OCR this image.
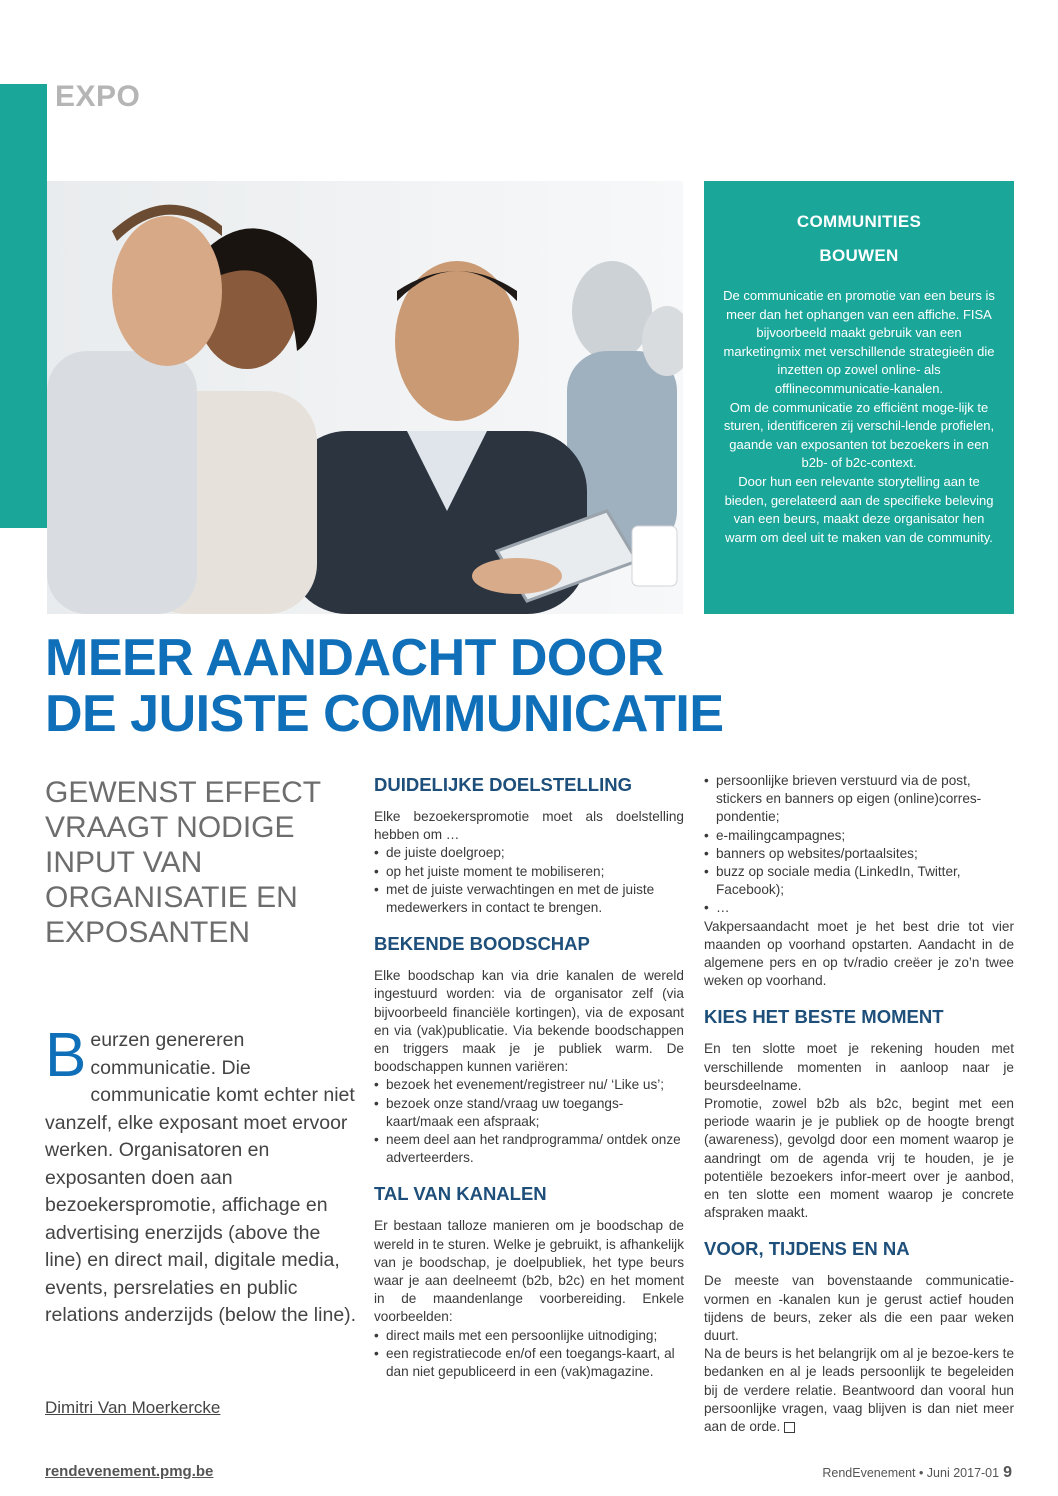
EXPO
COMMUNITIES
BOUWEN

De communicatie en promotie van een beurs is meer dan het ophangen van een affiche. FISA bijvoorbeeld maakt gebruik van een marketingmix met verschillende strategieën die inzetten op zowel online- als offlinecommunicatie-kanalen.

Om de communicatie zo efficiënt moge-lijk te sturen, identificeren zij verschil-lende profielen, gaande van exposanten tot bezoekers in een b2b- of b2c-context.

Door hun een relevante storytelling aan te bieden, gerelateerd aan de specifieke beleving van een beurs, maakt deze organisator hen warm om deel uit te maken van de community.

MEER AANDACHT DOOR
DE JUISTE COMMUNICATIE
GEWENST EFFECT
VRAAGT NODIGE
INPUT VAN
ORGANISATIE EN
EXPOSANTEN
Beurzen genereren communicatie. Die communicatie komt echter niet vanzelf, elke exposant moet ervoor werken. Organisatoren en exposanten doen aan bezoekerspromotie, affichage en advertising enerzijds (above the line) en direct mail, digitale media, events, persrelaties en public relations anderzijds (below the line).
Dimitri Van Moerkercke
DUIDELIJKE DOELSTELLING

Elke bezoekerspromotie moet als doelstelling hebben om …

• de juiste doelgroep;
• op het juiste moment te mobiliseren;
• met de juiste verwachtingen en met de juiste medewerkers in contact te brengen.
BEKENDE BOODSCHAP

Elke boodschap kan via drie kanalen de wereld ingestuurd worden: via de organisator zelf (via bijvoorbeeld financiële kortingen), via de exposant en via (vak)publicatie. Via bekende boodschappen en triggers maak je je publiek warm. De boodschappen kunnen variëren:

• bezoek het evenement/registreer nu/ ‘Like us’;
• bezoek onze stand/vraag uw toegangs-kaart/maak een afspraak;
• neem deel aan het randprogramma/ ontdek onze adverteerders.
TAL VAN KANALEN

Er bestaan talloze manieren om je boodschap de wereld in te sturen. Welke je gebruikt, is afhankelijk van je boodschap, je doelpubliek, het type beurs waar je aan deelneemt (b2b, b2c) en het moment in de maandenlange voorbereiding. Enkele voorbeelden:

• direct mails met een persoonlijke uitnodiging;
• een registratiecode en/of een toegangs-kaart, al dan niet gepubliceerd in een (vak)magazine.
• persoonlijke brieven verstuurd via de post, stickers en banners op eigen (online)corres-pondentie;
• e-mailingcampagnes;
• banners op websites/portaalsites;
• buzz op sociale media (LinkedIn, Twitter, Facebook);
• …

Vakpersaandacht moet je het best drie tot vier maanden op voorhand opstarten. Aandacht in de algemene pers en op tv/radio creëer je zo’n twee weken op voorhand.

KIES HET BESTE MOMENT

En ten slotte moet je rekening houden met verschillende momenten in aanloop naar je beursdeelname.

Promotie, zowel b2b als b2c, begint met een periode waarin je je publiek op de hoogte brengt (awareness), gevolgd door een moment waarop je aandringt om de agenda vrij te houden, je je potentiële bezoekers infor-meert over je aanbod, en ten slotte een moment waarop je concrete afspraken maakt.

VOOR, TIJDENS EN NA

De meeste van bovenstaande communicatie-vormen en -kanalen kun je gerust actief houden tijdens de beurs, zeker als die een paar weken duurt.

Na de beurs is het belangrijk om al je bezoe-kers te bedanken en al je leads persoonlijk te begeleiden bij de verdere relatie. Beantwoord dan vooral hun persoonlijke vragen, vaag blijven is dan niet meer aan de orde.

rendevenement.pmg.be	RendEvenement • Juni 2017-01 9
